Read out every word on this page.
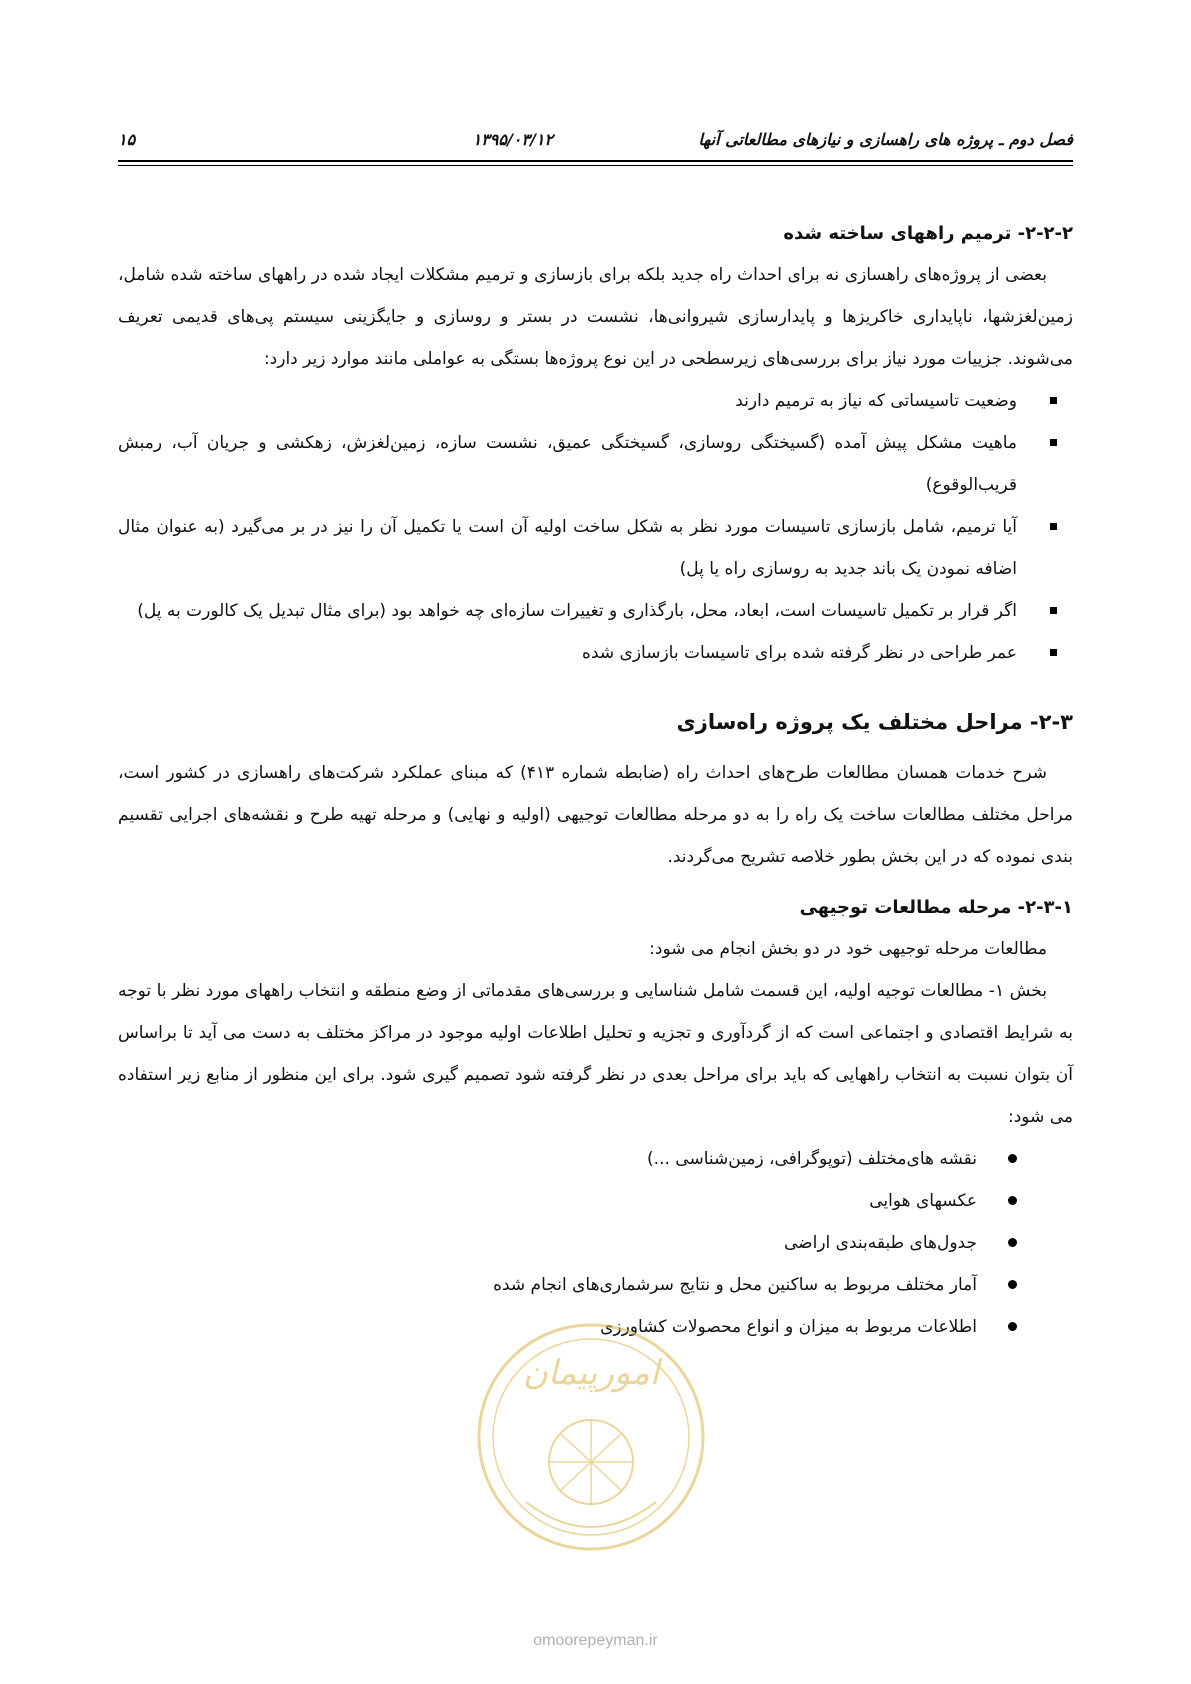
فصل دوم ـ پروژه های راهسازی و نیازهای مطالعاتی آنها
۱۳۹۵/۰۳/۱۲
۱۵
۲-۲-۲- ترمیم راههای ساخته شده

بعضی از پروژه‌های راهسازی نه برای احداث راه جدید بلکه برای بازسازی و ترمیم مشکلات ایجاد شده در راههای ساخته شده شامل، زمین‌لغزشها، ناپایداری خاکریزها و پایدارسازی شیروانی‌ها، نشست در بستر و روسازی و جایگزینی سیستم پی‌های قدیمی تعریف می‌شوند. جزییات مورد نیاز برای بررسی‌های زیرسطحی در این نوع پروژه‌ها بستگی به عواملی مانند موارد زیر دارد:

وضعیت تاسیساتی که نیاز به ترمیم دارند
ماهیت مشکل پیش آمده (گسیختگی روسازی، گسیختگی عمیق، نشست سازه، زمین‌لغزش، زهکشی و جریان آب، رمبش قریب‌الوقوع)
آیا ترمیم، شامل بازسازی تاسیسات مورد نظر به شکل ساخت اولیه آن است یا تکمیل آن را نیز در بر می‌گیرد (به عنوان مثال اضافه نمودن یک باند جدید به روسازی راه یا پل)
اگر قرار بر تکمیل تاسیسات است، ابعاد، محل، بارگذاری و تغییرات سازه‌ای چه خواهد بود (برای مثال تبدیل یک کالورت به پل)
عمر طراحی در نظر گرفته شده برای تاسیسات بازسازی شده
۲-۳- مراحل مختلف یک پروژه راه‌سازی

شرح خدمات همسان مطالعات طرح‌های احداث راه (ضابطه شماره ۴۱۳) که مبنای عملکرد شرکت‌های راهسازی در کشور است، مراحل مختلف مطالعات ساخت یک راه را به دو مرحله مطالعات توجیهی (اولیه و نهایی) و مرحله تهیه طرح و نقشه‌های اجرایی تقسیم بندی نموده که در این بخش بطور خلاصه تشریح می‌گردند.

۲-۳-۱- مرحله مطالعات توجیهی

مطالعات مرحله توجیهی خود در دو بخش انجام می شود:

بخش ۱- مطالعات توجیه اولیه، این قسمت شامل شناسایی و بررسی‌های مقدماتی از وضع منطقه و انتخاب راههای مورد نظر با توجه به شرایط اقتصادی و اجتماعی است که از گردآوری و تجزیه و تحلیل اطلاعات اولیه موجود در مراکز مختلف به دست می آید تا براساس آن بتوان نسبت به انتخاب راههایی که باید برای مراحل بعدی در نظر گرفته شود تصمیم گیری شود. برای این منظور از منابع زیر استفاده می شود:

نقشه های‌مختلف (توپوگرافی، زمین‌شناسی ...)
عکسهای هوایی
جدول‌های طبقه‌بندی اراضی
آمار مختلف مربوط به ساکنین محل و نتایج سرشماری‌های انجام شده
اطلاعات مربوط به میزان و انواع محصولات کشاورزی
امورپیمان
omoorepeyman.ir
